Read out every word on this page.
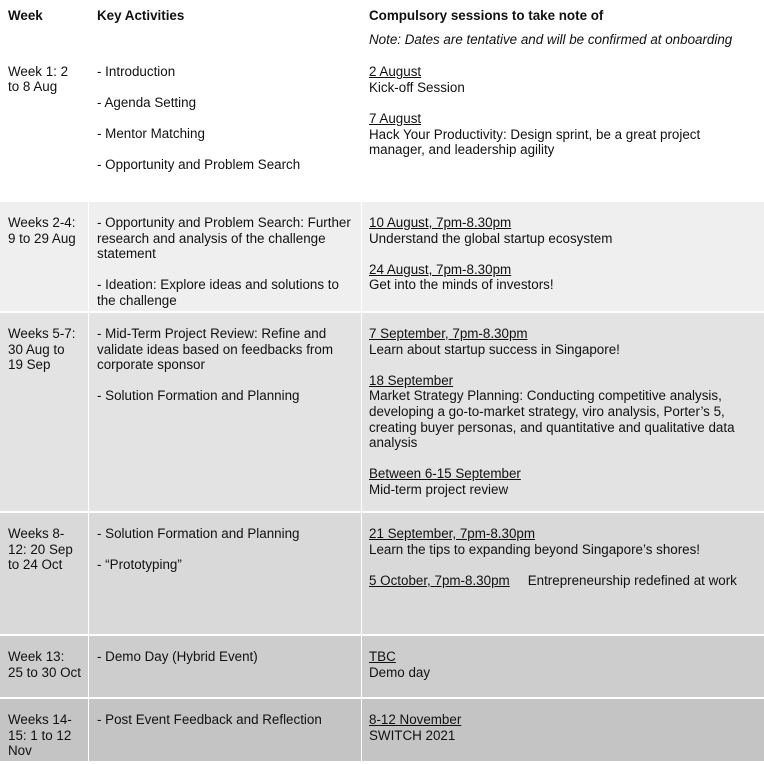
Week
Week 1: 2 to 8 Aug
Key Activities
- Introduction
- Agenda Setting
- Mentor Matching
- Opportunity and Problem Search
Compulsory sessions to take note of
Note: Dates are tentative and will be confirmed at onboarding
2 August
Kick-off Session
7 August
Hack Your Productivity: Design sprint, be a great project manager, and leadership agility
Weeks 2-4: 9 to 29 Aug
- Opportunity and Problem Search: Further research and analysis of the challenge statement
- Ideation: Explore ideas and solutions to the challenge
10 August, 7pm-8.30pm
Understand the global startup ecosystem
24 August, 7pm-8.30pm
Get into the minds of investors!
Weeks 5-7: 30 Aug to 19 Sep
- Mid-Term Project Review: Refine and validate ideas based on feedbacks from corporate sponsor
- Solution Formation and Planning
7 September, 7pm-8.30pm
Learn about startup success in Singapore!
18 September
Market Strategy Planning: Conducting competitive analysis, developing a go-to-market strategy, viro analysis, Porter’s 5, creating buyer personas, and quantitative and qualitative data analysis
Between 6-15 September
Mid-term project review
Weeks 8-12: 20 Sep to 24 Oct
- Solution Formation and Planning
- “Prototyping”
21 September, 7pm-8.30pm
Learn the tips to expanding beyond Singapore’s shores!
5 October, 7pm-8.30pm Entrepreneurship redefined at work
Week 13: 25 to 30 Oct
- Demo Day (Hybrid Event)	TBC
Demo day
Weeks 14-15: 1 to 12 Nov
- Post Event Feedback and Reflection	8-12 November
SWITCH 2021
